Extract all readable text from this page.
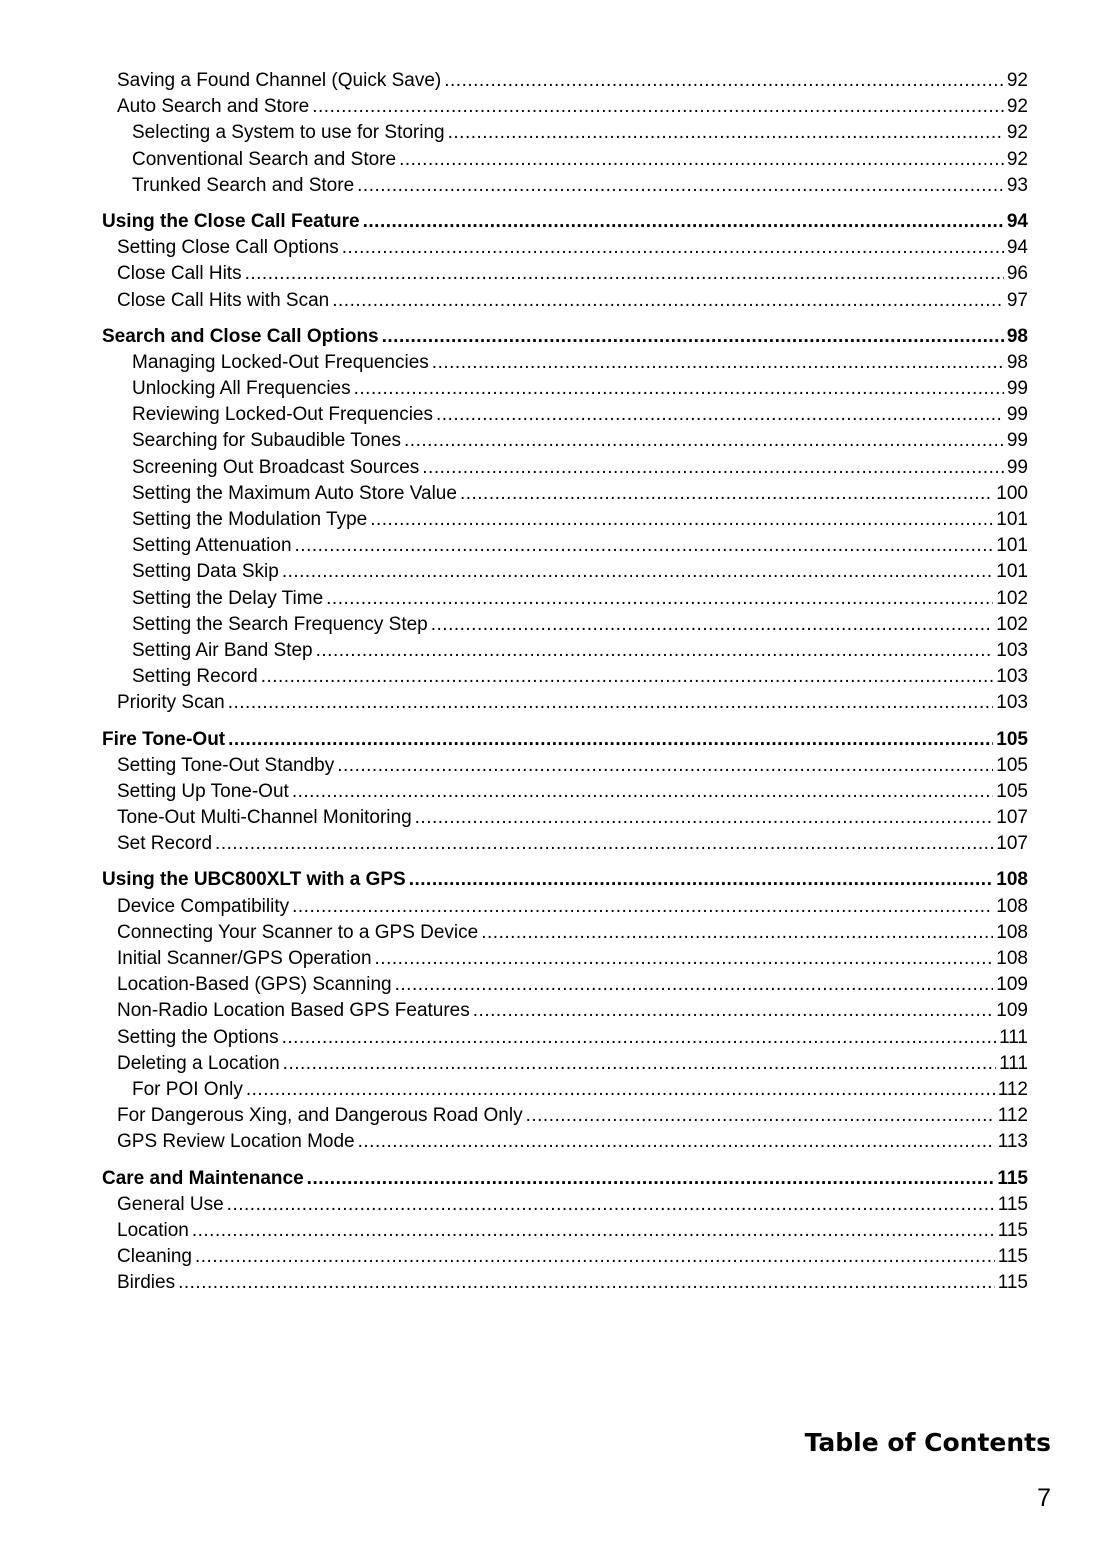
Saving a Found Channel (Quick Save) .....	92
Auto Search and Store .....	92
Selecting a System to use for Storing .....	92
Conventional Search and Store .....	92
Trunked Search and Store .....	93
Using the Close Call Feature .....	94
Setting Close Call Options .....	94
Close Call Hits .....	96
Close Call Hits with Scan .....	97
Search and Close Call Options .....	98
Managing Locked-Out Frequencies .....	98
Unlocking All Frequencies .....	99
Reviewing Locked-Out Frequencies .....	99
Searching for Subaudible Tones .....	99
Screening Out Broadcast Sources .....	99
Setting the Maximum Auto Store Value .....	100
Setting the Modulation Type .....	101
Setting Attenuation .....	101
Setting Data Skip .....	101
Setting the Delay Time .....	102
Setting the Search Frequency Step .....	102
Setting Air Band Step .....	103
Setting Record .....	103
Priority Scan .....	103
Fire Tone-Out .....	105
Setting Tone-Out Standby .....	105
Setting Up Tone-Out .....	105
Tone-Out Multi-Channel Monitoring .....	107
Set Record .....	107
Using the UBC800XLT with a GPS .....	108
Device Compatibility .....	108
Connecting Your Scanner to a GPS Device .....	108
Initial Scanner/GPS Operation .....	108
Location-Based (GPS) Scanning .....	109
Non-Radio Location Based GPS Features .....	109
Setting the Options .....	111
Deleting a Location .....	111
For POI Only .....	112
For Dangerous Xing, and Dangerous Road Only .....	112
GPS Review Location Mode .....	113
Care and Maintenance .....	115
General Use .....	115
Location .....	115
Cleaning .....	115
Birdies .....	115
Table of Contents
7
